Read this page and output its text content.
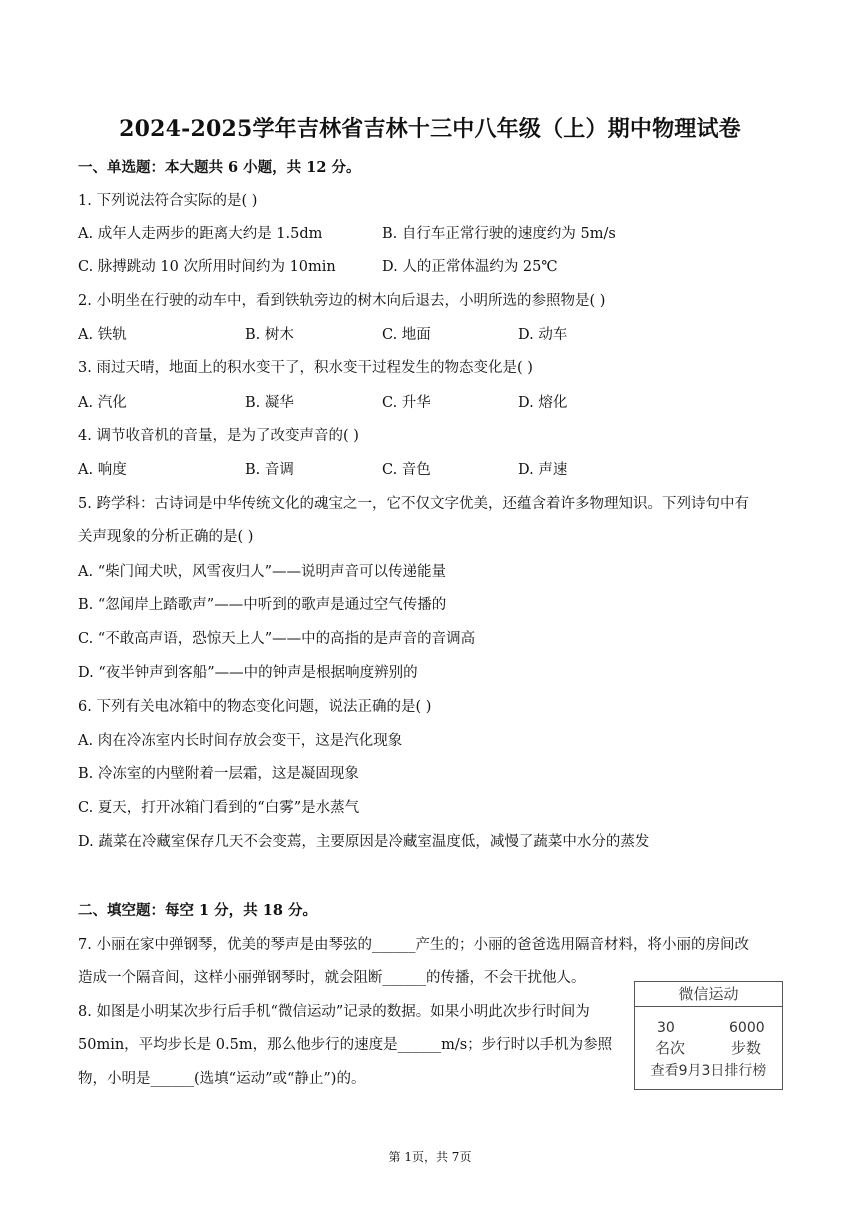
2024-2025学年吉林省吉林十三中八年级（上）期中物理试卷
一、单选题：本大题共 6 小题，共 12 分。
1. 下列说法符合实际的是( )
A. 成年人走两步的距离大约是 1.5dm	B. 自行车正常行驶的速度约为 5m/s
C. 脉搏跳动 10 次所用时间约为 10min	D. 人的正常体温约为 25℃
2. 小明坐在行驶的动车中，看到铁轨旁边的树木向后退去，小明所选的参照物是( )
A. 铁轨	B. 树木	C. 地面	D. 动车
3. 雨过天晴，地面上的积水变干了，积水变干过程发生的物态变化是( )
A. 汽化	B. 凝华	C. 升华	D. 熔化
4. 调节收音机的音量，是为了改变声音的( )
A. 响度	B. 音调	C. 音色	D. 声速
5. 跨学科：古诗词是中华传统文化的魂宝之一，它不仅文字优美，还蕴含着许多物理知识。下列诗句中有
关声现象的分析正确的是( )
A. “柴门闻犬吠，风雪夜归人”——说明声音可以传递能量
B. “忽闻岸上踏歌声”——中听到的歌声是通过空气传播的
C. “不敢高声语，恐惊天上人”——中的高指的是声音的音调高
D. “夜半钟声到客船”——中的钟声是根据响度辨别的
6. 下列有关电冰箱中的物态变化问题，说法正确的是( )
A. 肉在冷冻室内长时间存放会变干，这是汽化现象
B. 冷冻室的内壁附着一层霜，这是凝固现象
C. 夏天，打开冰箱门看到的“白雾”是水蒸气
D. 蔬菜在冷藏室保存几天不会变蔫，主要原因是冷藏室温度低，减慢了蔬菜中水分的蒸发
二、填空题：每空 1 分，共 18 分。
7. 小丽在家中弹钢琴，优美的琴声是由琴弦的______产生的；小丽的爸爸选用隔音材料，将小丽的房间改
造成一个隔音间，这样小丽弹钢琴时，就会阻断______的传播，不会干扰他人。
8. 如图是小明某次步行后手机“微信运动”记录的数据。如果小明此次步行时间为
50min，平均步长是 0.5m，那么他步行的速度是______m/s；步行时以手机为参照
物，小明是______(选填“运动”或“静止”)的。
微信运动
30	6000
名次	步数
查看9月3日排行榜
第 1页，共 7页
